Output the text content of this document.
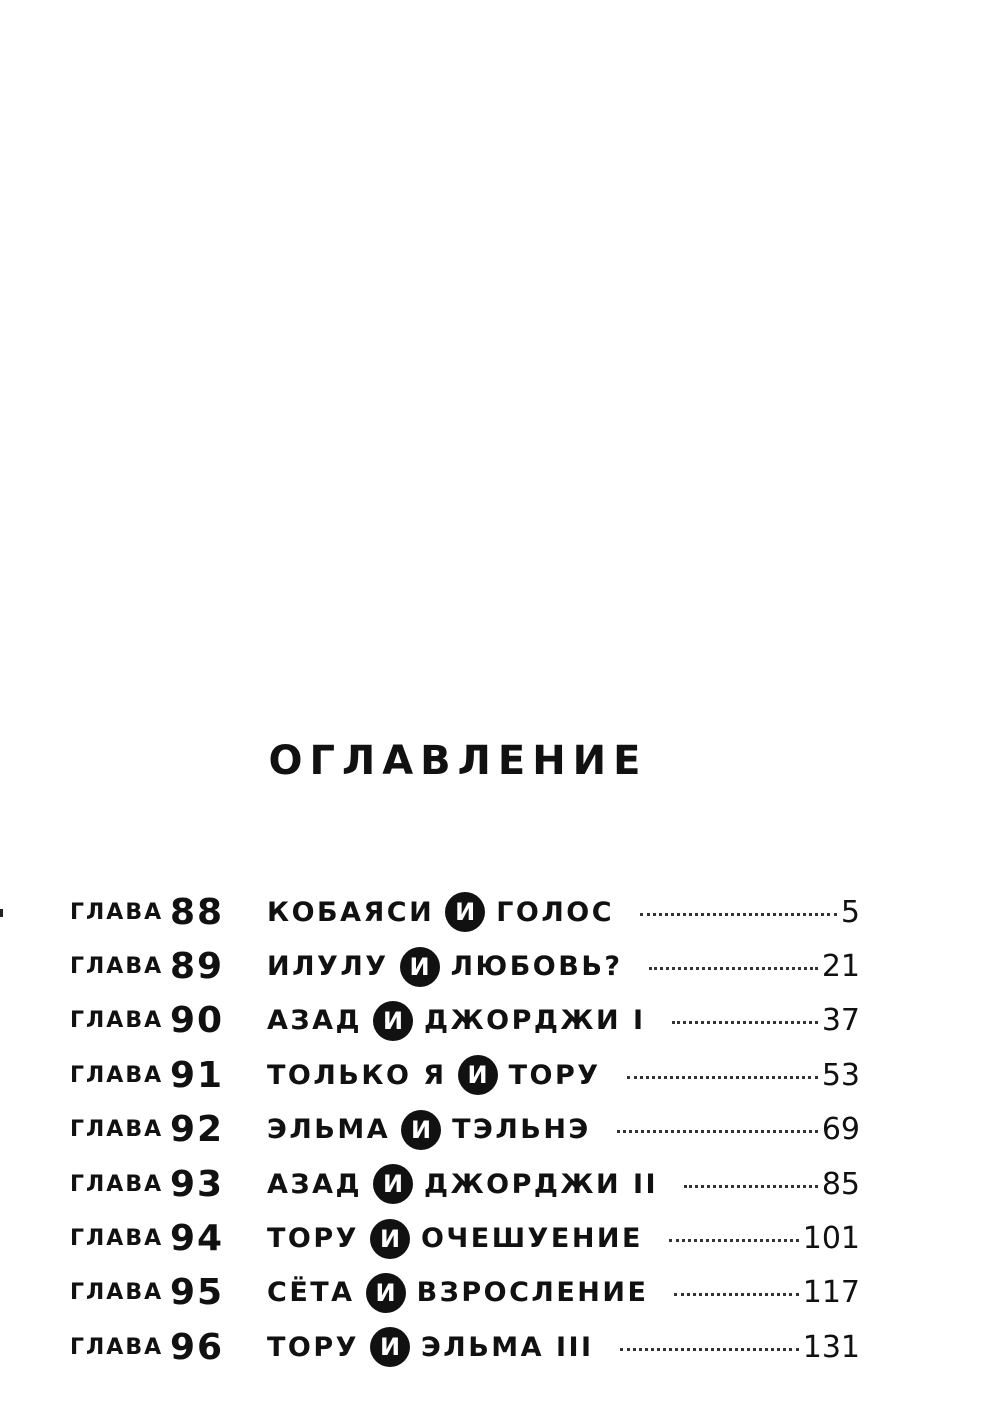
ОГЛАВЛЕНИЕ
ГЛАВА 88	КОБАЯСИ И ГОЛОС	5
ГЛАВА 89	ИЛУЛУ И ЛЮБОВЬ?	21
ГЛАВА 90	АЗАД И ДЖОРДЖИ I	37
ГЛАВА 91	ТОЛЬКО Я И ТОРУ	53
ГЛАВА 92	ЭЛЬМА И ТЭЛЬНЭ	69
ГЛАВА 93	АЗАД И ДЖОРДЖИ II	85
ГЛАВА 94	ТОРУ И ОЧЕШУЕНИЕ	101
ГЛАВА 95	СЁТА И ВЗРОСЛЕНИЕ	117
ГЛАВА 96	ТОРУ И ЭЛЬМА III	131
